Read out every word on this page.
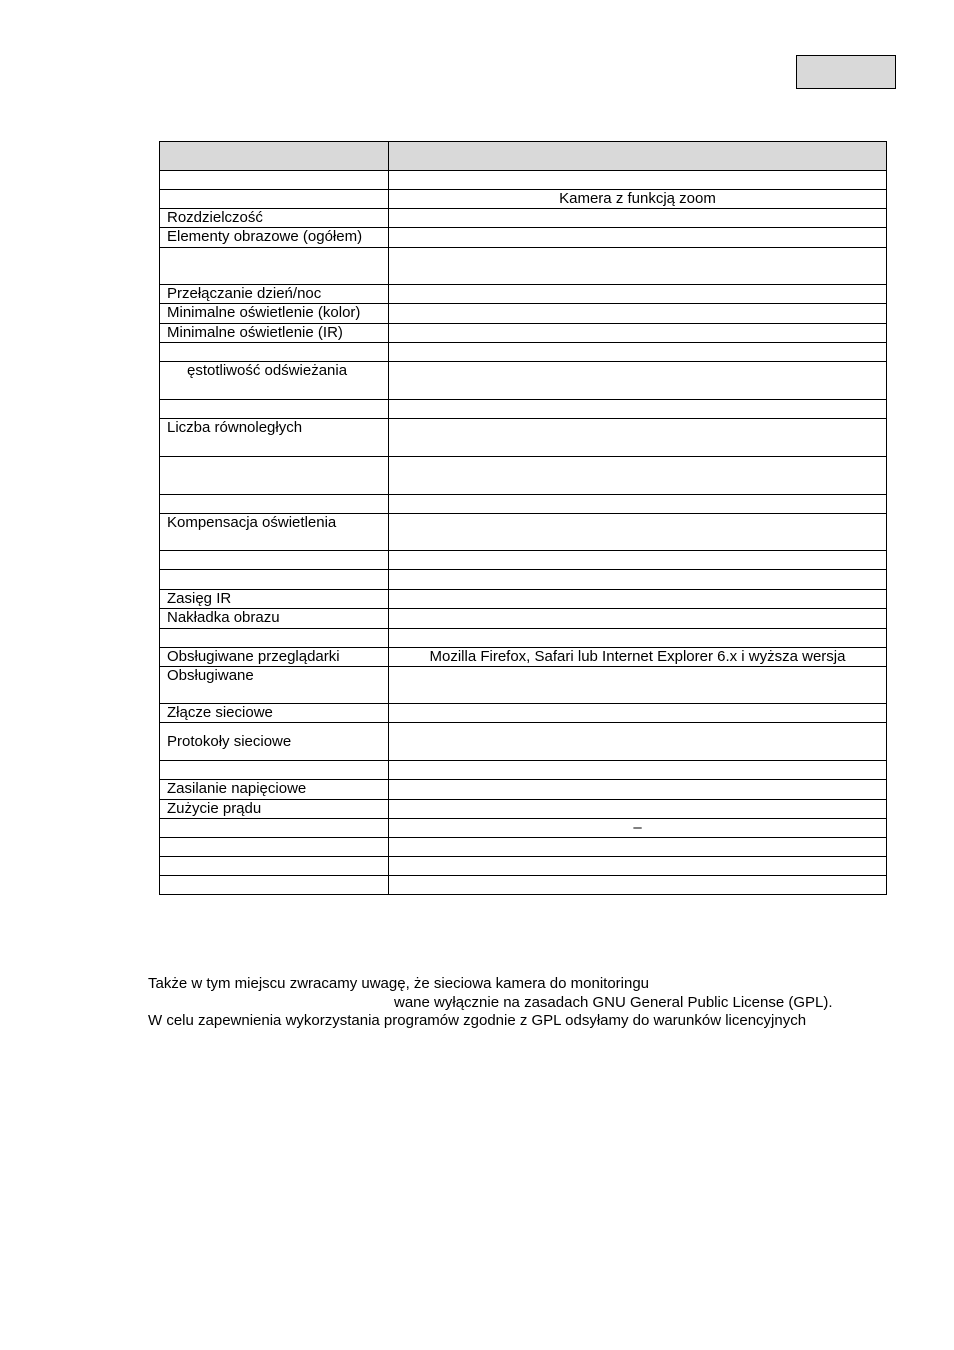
	Kamera z funkcją zoom
Rozdzielczość	
Elementy obrazowe (ogółem)	

Przełączanie dzień/noc	
Minimalne oświetlenie (kolor)	
Minimalne oświetlenie (IR)	

ęstotliwość odświeżania	

Liczba równoległych	

Kompensacja oświetlenia	

Zasięg IR	
Nakładka obrazu	

Obsługiwane przeglądarki	Mozilla Firefox, Safari lub Internet Explorer 6.x i wyższa wersja
Obsługiwane	
Złącze sieciowe	
Protokoły sieciowe	

Zasilanie napięciowe	
Zużycie prądu	
	–

Także w tym miejscu zwracamy uwagę, że sieciowa kamera do monitoringu
wane wyłącznie na zasadach GNU General Public License (GPL).
W celu zapewnienia wykorzystania programów zgodnie z GPL odsyłamy do warunków licencyjnych
